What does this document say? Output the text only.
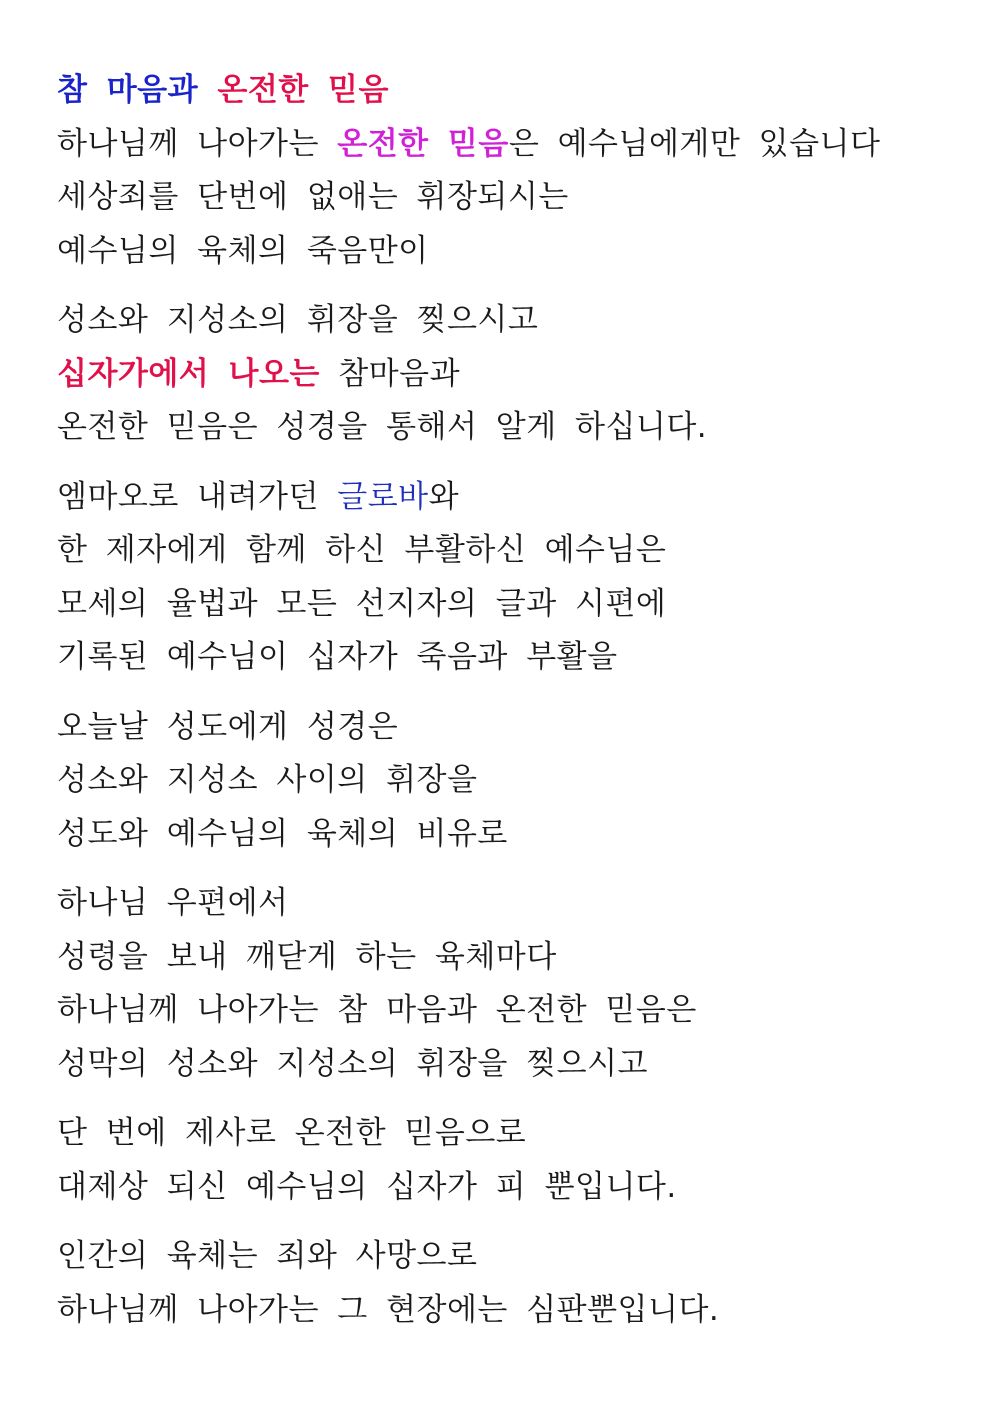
참 마음과 온전한 믿음
하나님께 나아가는 온전한 믿음은 예수님에게만 있습니다
세상죄를 단번에 없애는 휘장되시는
예수님의 육체의 죽음만이
성소와 지성소의 휘장을 찢으시고
십자가에서 나오는 참마음과
온전한 믿음은 성경을 통해서 알게 하십니다.
엠마오로 내려가던 글로바와
한 제자에게 함께 하신 부활하신 예수님은
모세의 율법과 모든 선지자의 글과 시편에
기록된 예수님이 십자가 죽음과 부활을
오늘날 성도에게 성경은
성소와 지성소 사이의 휘장을
성도와 예수님의 육체의 비유로
하나님 우편에서
성령을 보내 깨닫게 하는 육체마다
하나님께 나아가는 참 마음과 온전한 믿음은
성막의 성소와 지성소의 휘장을 찢으시고
단 번에 제사로 온전한 믿음으로
대제상 되신 예수님의 십자가 피 뿐입니다.
인간의 육체는 죄와 사망으로
하나님께 나아가는 그 현장에는 심판뿐입니다.
